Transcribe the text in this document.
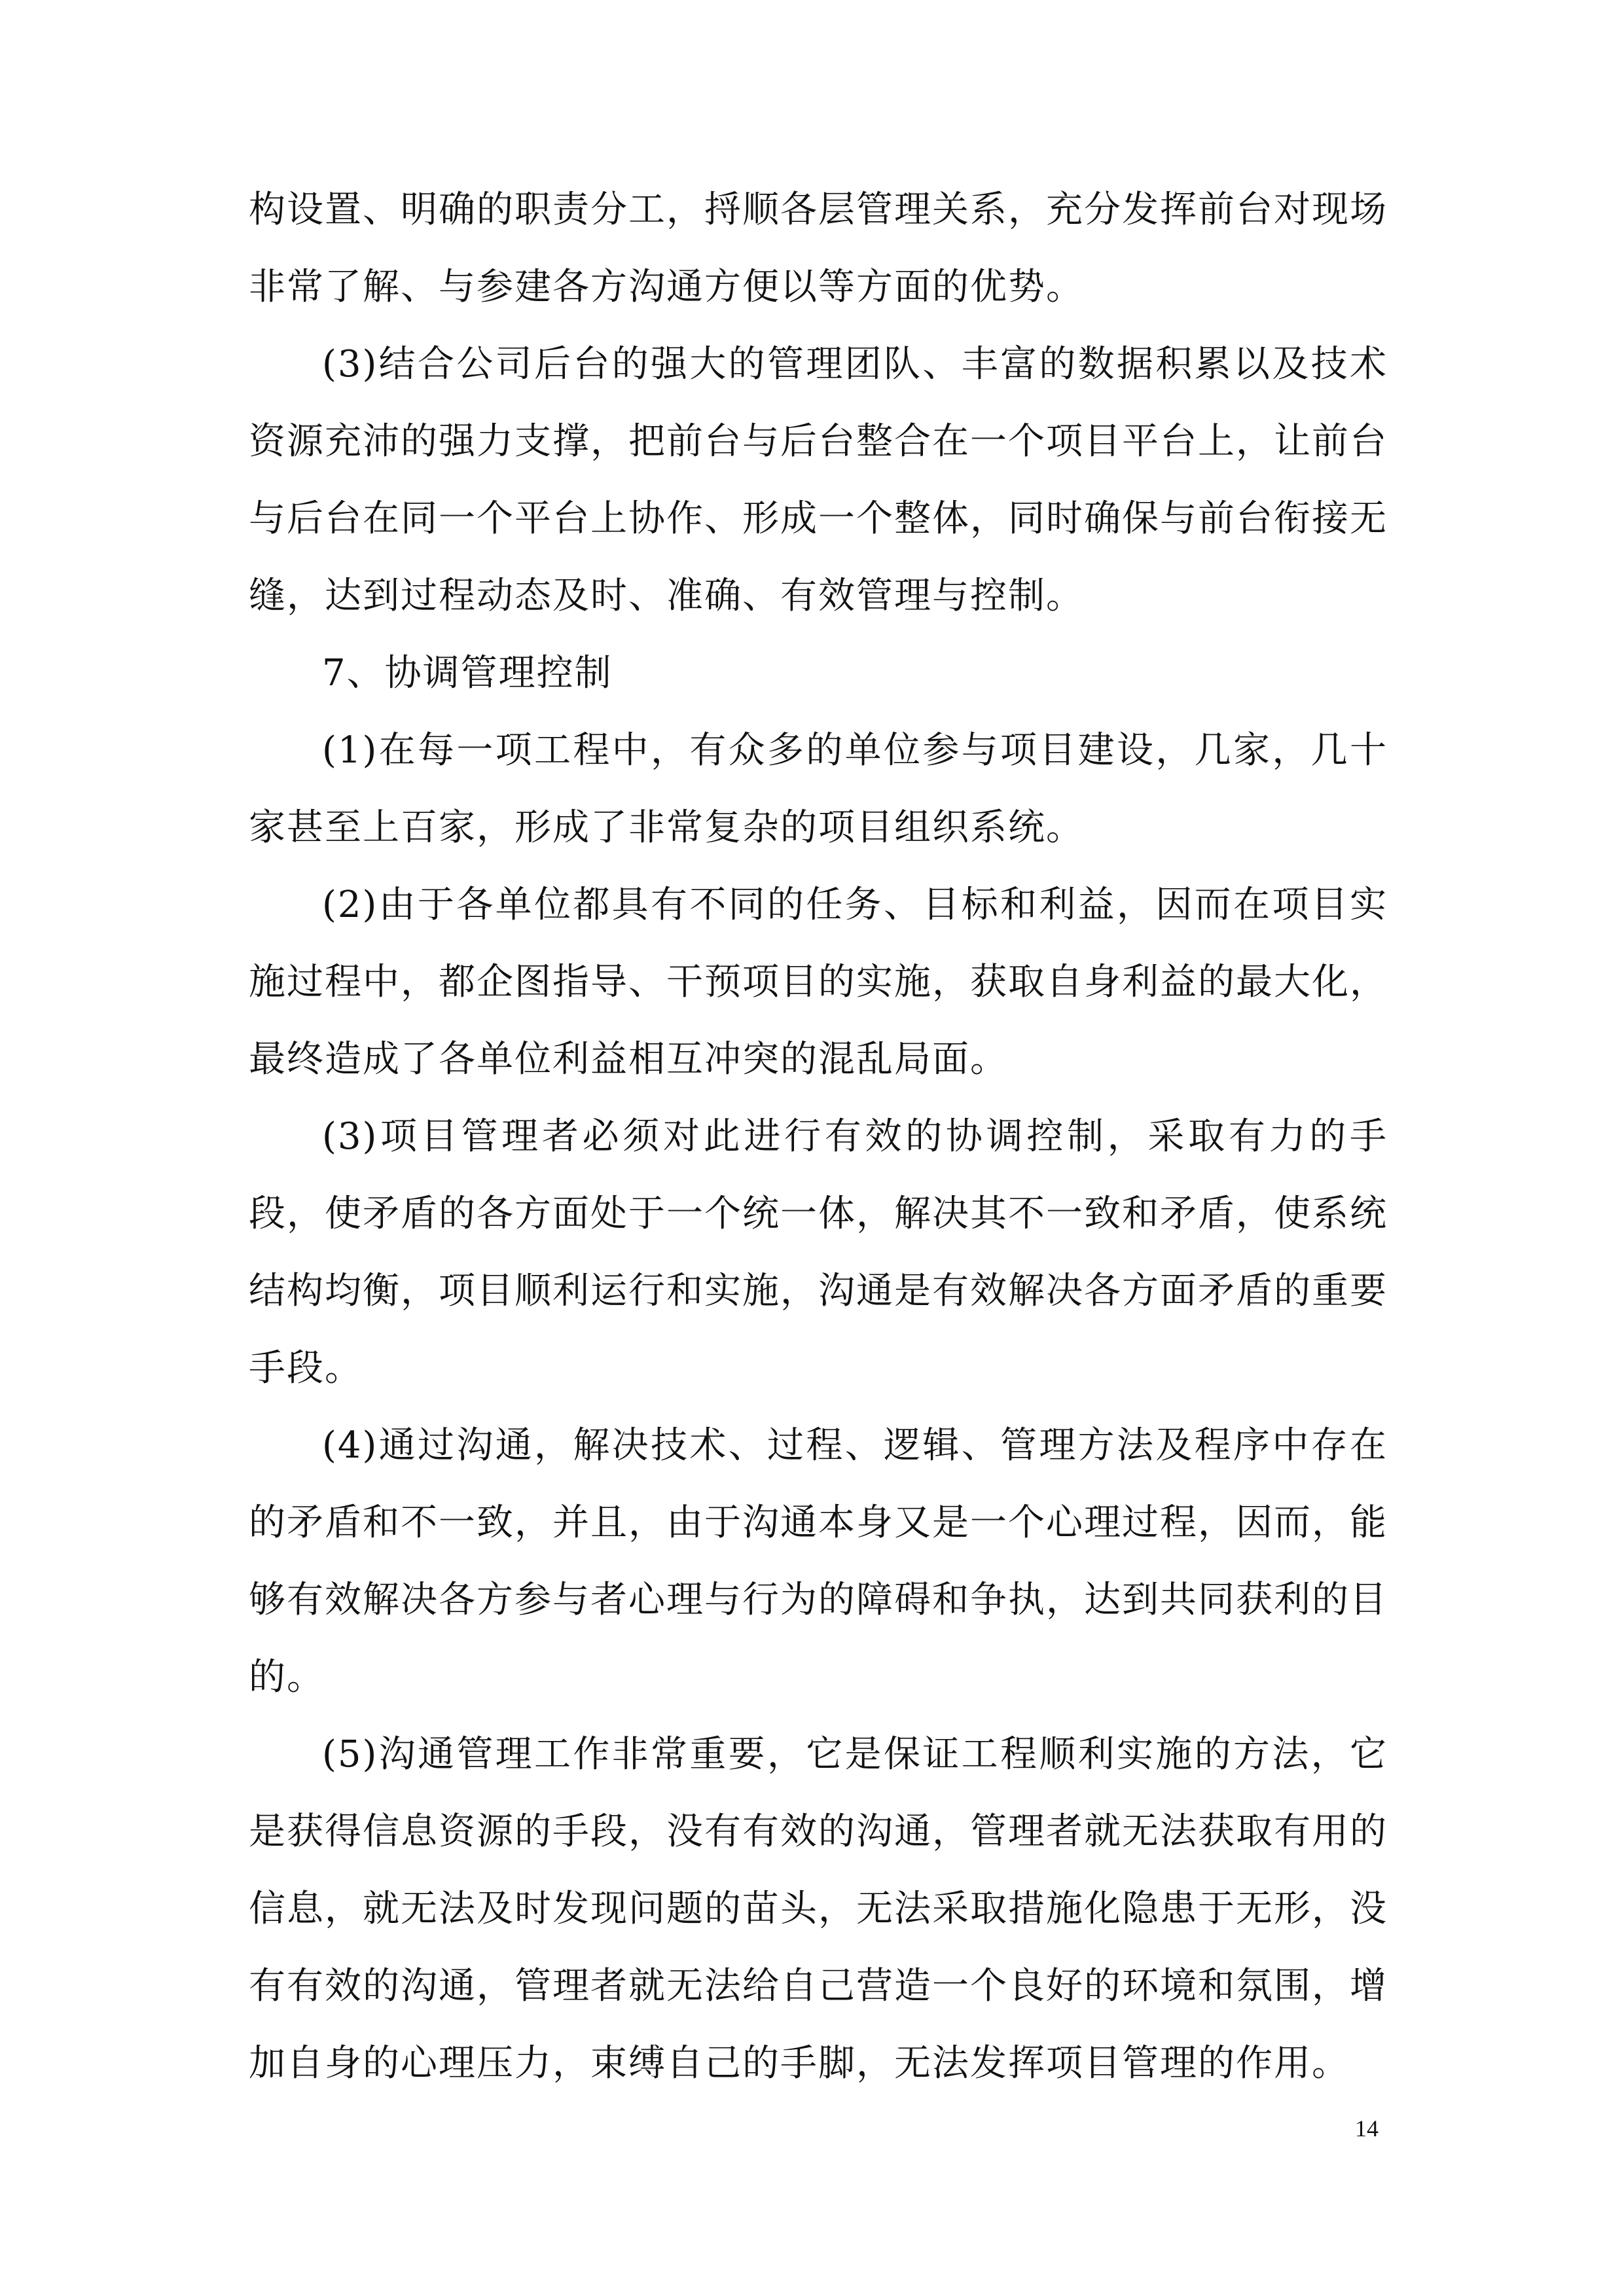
构设置、明确的职责分工，捋顺各层管理关系，充分发挥前台对现场非常了解、与参建各方沟通方便以等方面的优势。

(3)结合公司后台的强大的管理团队、丰富的数据积累以及技术资源充沛的强力支撑，把前台与后台整合在一个项目平台上，让前台与后台在同一个平台上协作、形成一个整体，同时确保与前台衔接无缝，达到过程动态及时、准确、有效管理与控制。

7、协调管理控制

(1)在每一项工程中，有众多的单位参与项目建设，几家，几十家甚至上百家，形成了非常复杂的项目组织系统。

(2)由于各单位都具有不同的任务、目标和利益，因而在项目实施过程中，都企图指导、干预项目的实施，获取自身利益的最大化，最终造成了各单位利益相互冲突的混乱局面。

(3)项目管理者必须对此进行有效的协调控制，采取有力的手段，使矛盾的各方面处于一个统一体，解决其不一致和矛盾，使系统结构均衡，项目顺利运行和实施，沟通是有效解决各方面矛盾的重要手段。

(4)通过沟通，解决技术、过程、逻辑、管理方法及程序中存在的矛盾和不一致，并且，由于沟通本身又是一个心理过程，因而，能够有效解决各方参与者心理与行为的障碍和争执，达到共同获利的目的。

(5)沟通管理工作非常重要，它是保证工程顺利实施的方法，它是获得信息资源的手段，没有有效的沟通，管理者就无法获取有用的信息，就无法及时发现问题的苗头，无法采取措施化隐患于无形，没有有效的沟通，管理者就无法给自己营造一个良好的环境和氛围，增加自身的心理压力，束缚自己的手脚，无法发挥项目管理的作用。

14
